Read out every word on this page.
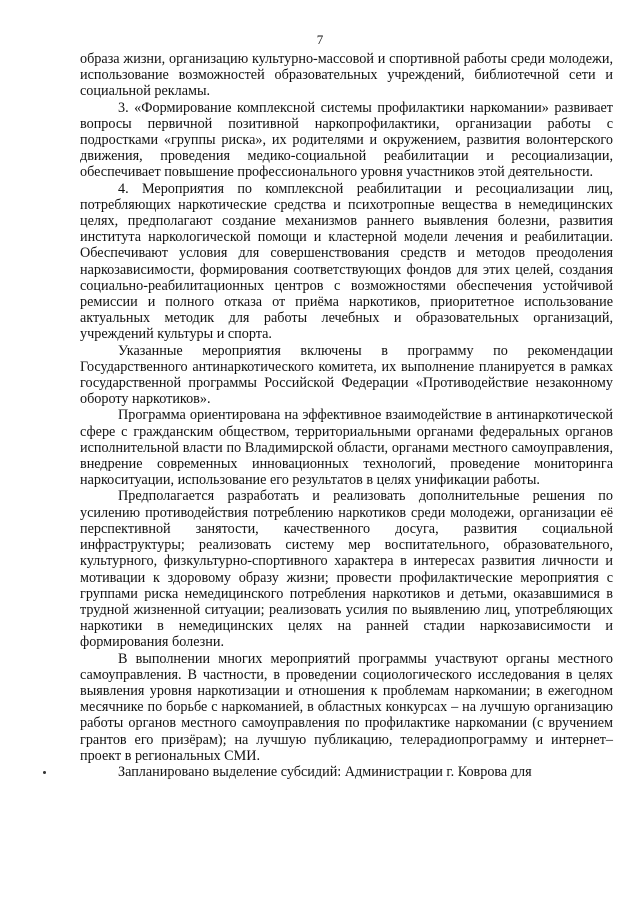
7

образа жизни, организацию культурно-массовой и спортивной работы среди молодежи, использование возможностей образовательных учреждений, библиотечной сети и социальной рекламы.

3. «Формирование комплексной системы профилактики наркомании» развивает вопросы первичной позитивной наркопрофилактики, организации работы с подростками «группы риска», их родителями и окружением, развития волонтерского движения, проведения медико-социальной реабилитации и ресоциализации, обеспечивает повышение профессионального уровня участников этой деятельности.

4. Мероприятия по комплексной реабилитации и ресоциализации лиц, потребляющих наркотические средства и психотропные вещества в немедицинских целях, предполагают создание механизмов раннего выявления болезни, развития института наркологической помощи и кластерной модели лечения и реабилитации. Обеспечивают условия для совершенствования средств и методов преодоления наркозависимости, формирования соответствующих фондов для этих целей, создания социально-реабилитационных центров с возможностями обеспечения устойчивой ремиссии и полного отказа от приёма наркотиков, приоритетное использование актуальных методик для работы лечебных и образовательных организаций, учреждений культуры и спорта.

Указанные мероприятия включены в программу по рекомендации Государственного антинаркотического комитета, их выполнение планируется в рамках государственной программы Российской Федерации «Противодействие незаконному обороту наркотиков».

Программа ориентирована на эффективное взаимодействие в антинаркотической сфере с гражданским обществом, территориальными органами федеральных органов исполнительной власти по Владимирской области, органами местного самоуправления, внедрение современных инновационных технологий, проведение мониторинга наркоситуации, использование его результатов в целях унификации работы.

Предполагается разработать и реализовать дополнительные решения по усилению противодействия потреблению наркотиков среди молодежи, организации её перспективной занятости, качественного досуга, развития социальной инфраструктуры; реализовать систему мер воспитательного, образовательного, культурного, физкультурно-спортивного характера в интересах развития личности и мотивации к здоровому образу жизни; провести профилактические мероприятия с группами риска немедицинского потребления наркотиков и детьми, оказавшимися в трудной жизненной ситуации; реализовать усилия по выявлению лиц, употребляющих наркотики в немедицинских целях на ранней стадии наркозависимости и формирования болезни.

В выполнении многих мероприятий программы участвуют органы местного самоуправления. В частности, в проведении социологического исследования в целях выявления уровня наркотизации и отношения к проблемам наркомании; в ежегодном месячнике по борьбе с наркоманией, в областных конкурсах – на лучшую организацию работы органов местного самоуправления по профилактике наркомании (с вручением грантов его призёрам); на лучшую публикацию, телерадиопрограмму и интернет–проект в региональных СМИ.

Запланировано выделение субсидий: Администрации г. Коврова для
